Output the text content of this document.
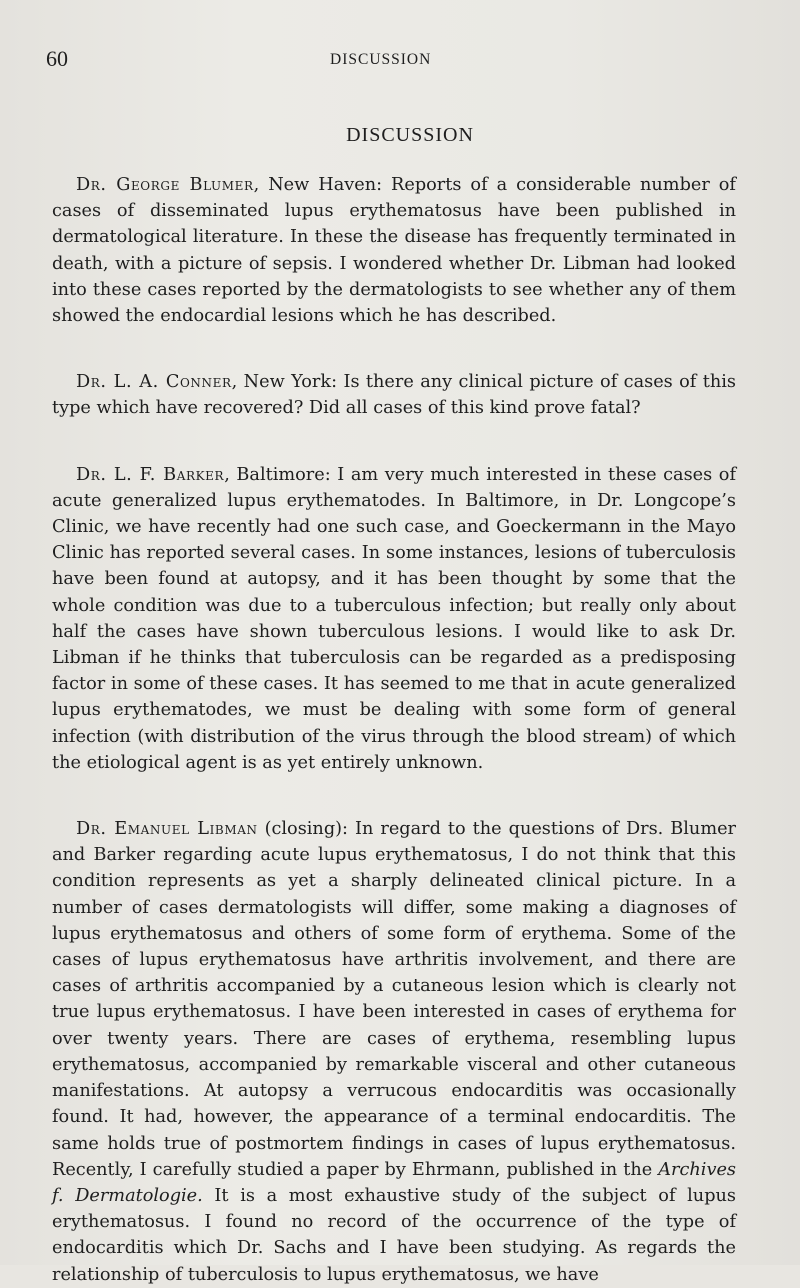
60	DISCUSSION
DISCUSSION

Dr. George Blumer, New Haven: Reports of a considerable number of cases of disseminated lupus erythematosus have been published in dermatological literature. In these the disease has frequently terminated in death, with a picture of sepsis. I wondered whether Dr. Libman had looked into these cases reported by the dermatologists to see whether any of them showed the endocardial lesions which he has described.

Dr. L. A. Conner, New York: Is there any clinical picture of cases of this type which have recovered? Did all cases of this kind prove fatal?

Dr. L. F. Barker, Baltimore: I am very much interested in these cases of acute generalized lupus erythematodes. In Baltimore, in Dr. Longcope’s Clinic, we have recently had one such case, and Goeckermann in the Mayo Clinic has reported several cases. In some instances, lesions of tuberculosis have been found at autopsy, and it has been thought by some that the whole condition was due to a tuberculous infection; but really only about half the cases have shown tuberculous lesions. I would like to ask Dr. Libman if he thinks that tuberculosis can be regarded as a predisposing factor in some of these cases. It has seemed to me that in acute generalized lupus erythematodes, we must be dealing with some form of general infection (with distribution of the virus through the blood stream) of which the etiological agent is as yet entirely unknown.

Dr. Emanuel Libman (closing): In regard to the questions of Drs. Blumer and Barker regarding acute lupus erythematosus, I do not think that this condition represents as yet a sharply delineated clinical picture. In a number of cases dermatologists will differ, some making a diagnoses of lupus erythematosus and others of some form of erythema. Some of the cases of lupus erythematosus have arthritis involvement, and there are cases of arthritis accompanied by a cutaneous lesion which is clearly not true lupus erythematosus. I have been interested in cases of erythema for over twenty years. There are cases of erythema, resembling lupus erythematosus, accompanied by remarkable visceral and other cutaneous manifestations. At autopsy a verrucous endocarditis was occasionally found. It had, however, the appearance of a terminal endocarditis. The same holds true of postmortem findings in cases of lupus erythematosus. Recently, I carefully studied a paper by Ehrmann, published in the Archives f. Dermatologie. It is a most exhaustive study of the subject of lupus erythematosus. I found no record of the occurrence of the type of endocarditis which Dr. Sachs and I have been studying. As regards the relationship of tuberculosis to lupus erythematosus, we have
